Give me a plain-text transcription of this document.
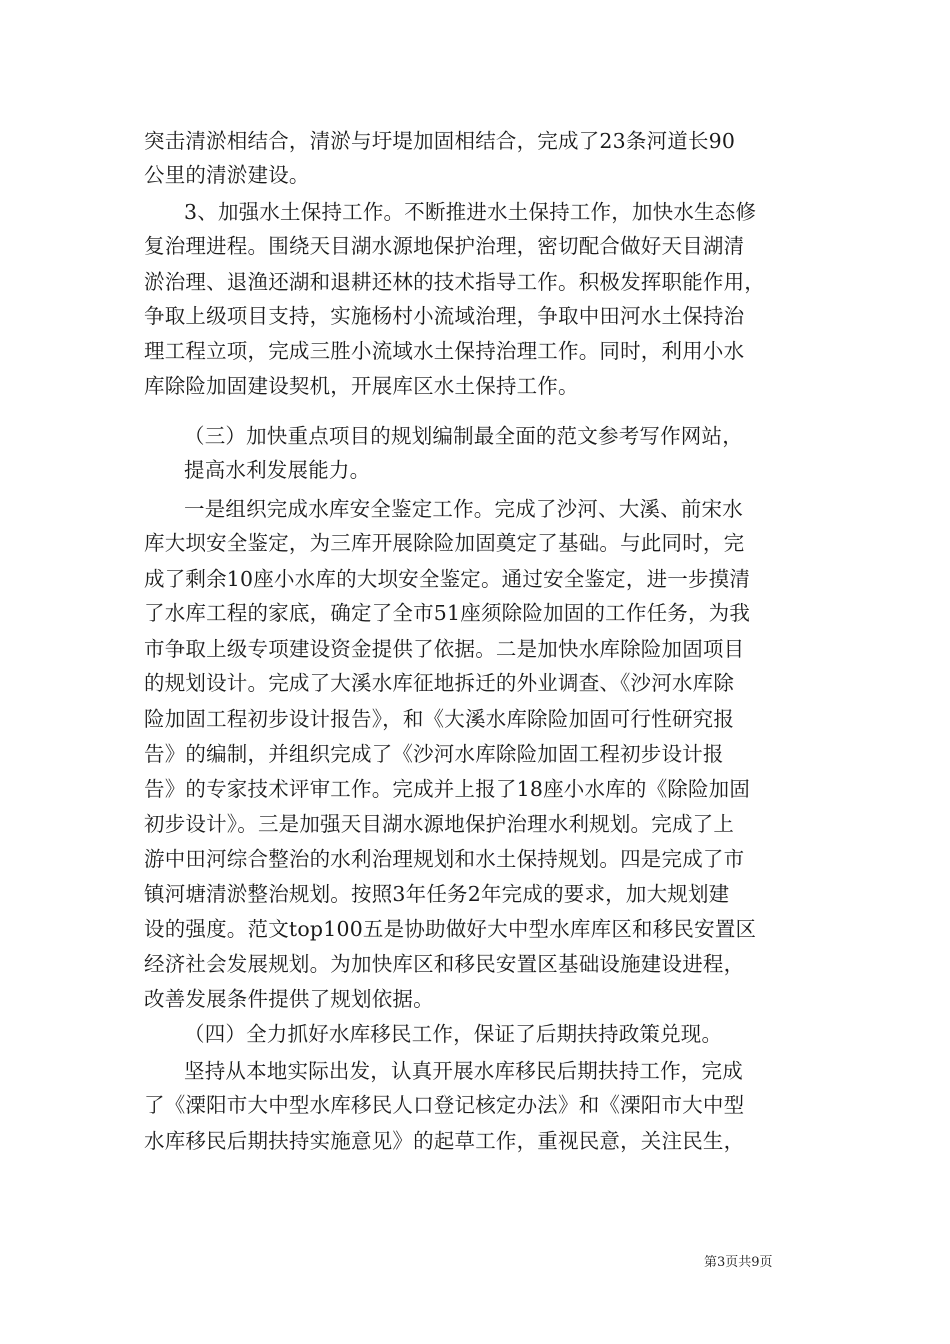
突击清淤相结合，清淤与圩堤加固相结合，完成了23条河道长90
公里的清淤建设。
3、加强水土保持工作。不断推进水土保持工作，加快水生态修
复治理进程。围绕天目湖水源地保护治理，密切配合做好天目湖清
淤治理、退渔还湖和退耕还林的技术指导工作。积极发挥职能作用，
争取上级项目支持，实施杨村小流域治理，争取中田河水土保持治
理工程立项，完成三胜小流域水土保持治理工作。同时，利用小水
库除险加固建设契机，开展库区水土保持工作。
（三）加快重点项目的规划编制最全面的范文参考写作网站，
提高水利发展能力。
一是组织完成水库安全鉴定工作。完成了沙河、大溪、前宋水
库大坝安全鉴定，为三库开展除险加固奠定了基础。与此同时，完
成了剩余10座小水库的大坝安全鉴定。通过安全鉴定，进一步摸清
了水库工程的家底，确定了全市51座须除险加固的工作任务，为我
市争取上级专项建设资金提供了依据。二是加快水库除险加固项目
的规划设计。完成了大溪水库征地拆迁的外业调查、《沙河水库除
险加固工程初步设计报告》，和《大溪水库除险加固可行性研究报
告》的编制，并组织完成了《沙河水库除险加固工程初步设计报
告》的专家技术评审工作。完成并上报了18座小水库的《除险加固
初步设计》。三是加强天目湖水源地保护治理水利规划。完成了上
游中田河综合整治的水利治理规划和水土保持规划。四是完成了市
镇河塘清淤整治规划。按照3年任务2年完成的要求，加大规划建
设的强度。范文top100五是协助做好大中型水库库区和移民安置区
经济社会发展规划。为加快库区和移民安置区基础设施建设进程，
改善发展条件提供了规划依据。
（四）全力抓好水库移民工作，保证了后期扶持政策兑现。
坚持从本地实际出发，认真开展水库移民后期扶持工作，完成
了《溧阳市大中型水库移民人口登记核定办法》和《溧阳市大中型
水库移民后期扶持实施意见》的起草工作，重视民意，关注民生，
第3页共9页
